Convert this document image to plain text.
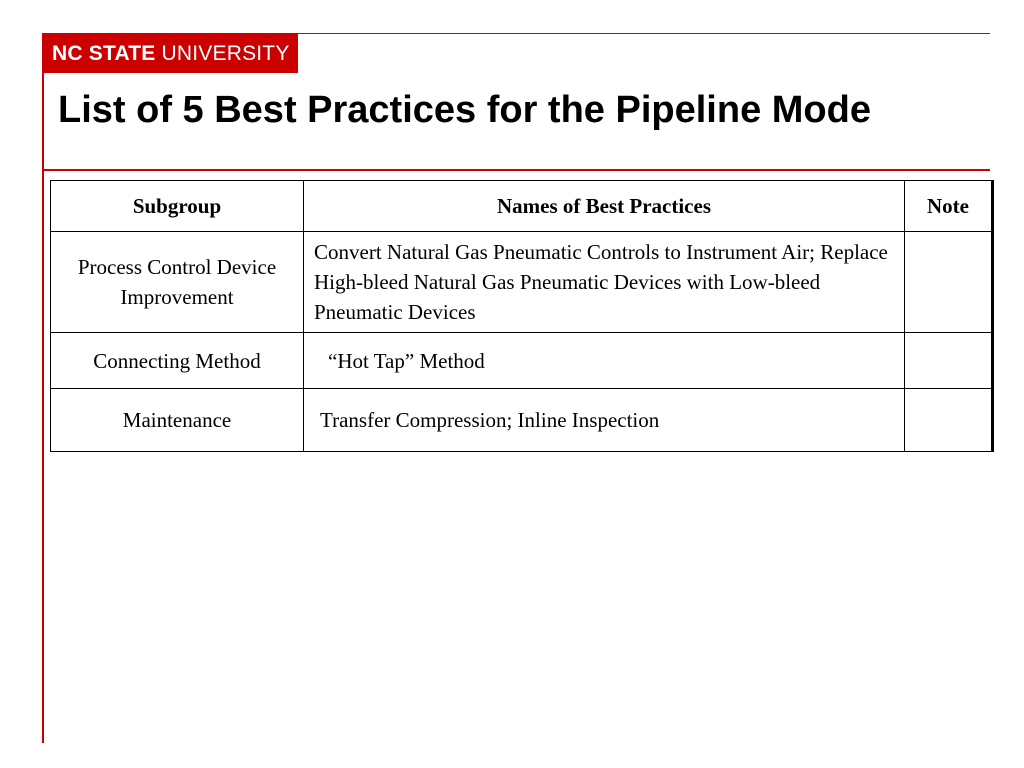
NC STATE UNIVERSITY
List of 5 Best Practices for the Pipeline Mode
Subgroup	Names of Best Practices	Note
Process Control Device Improvement	Convert Natural Gas Pneumatic Controls to Instrument Air; Replace High-bleed Natural Gas Pneumatic Devices with Low-bleed Pneumatic Devices	
Connecting Method	“Hot Tap” Method	
Maintenance	Transfer Compression; Inline Inspection	
